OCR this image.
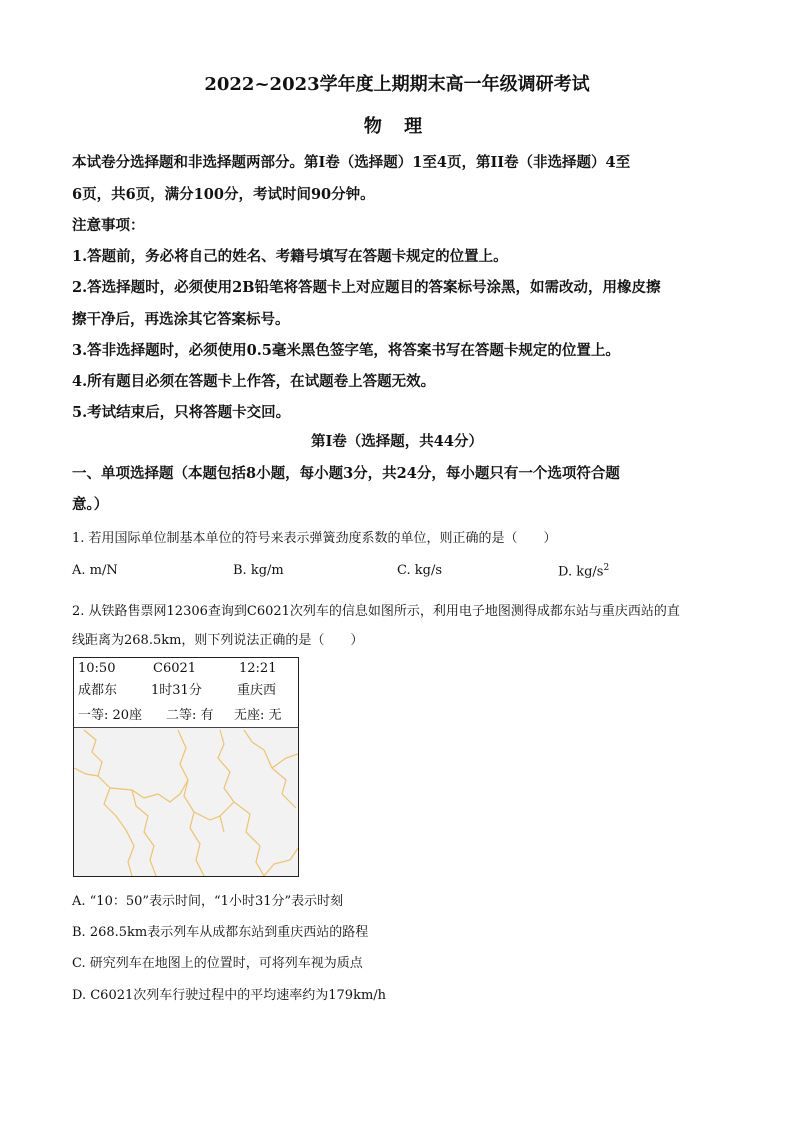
2022~2023学年度上期期末高一年级调研考试
物 理
本试卷分选择题和非选择题两部分。第I卷（选择题）1至4页，第II卷（非选择题）4至
6页，共6页，满分100分，考试时间90分钟。
注意事项：
1.答题前，务必将自己的姓名、考籍号填写在答题卡规定的位置上。
2.答选择题时，必须使用2B铅笔将答题卡上对应题目的答案标号涂黑，如需改动，用橡皮擦
擦干净后，再选涂其它答案标号。
3.答非选择题时，必须使用0.5毫米黑色签字笔，将答案书写在答题卡规定的位置上。
4.所有题目必须在答题卡上作答，在试题卷上答题无效。
5.考试结束后，只将答题卡交回。
第I卷（选择题，共44分）
一、单项选择题（本题包括8小题，每小题3分，共24分，每小题只有一个选项符合题
意。）
1. 若用国际单位制基本单位的符号来表示弹簧劲度系数的单位，则正确的是（　　）
A. m/N	B. kg/m	C. kg/s	D. $kg/s^2$
2. 从铁路售票网12306查询到C6021次列车的信息如图所示，利用电子地图测得成都东站与重庆西站的直
线距离为268.5km，则下列说法正确的是（　　）
10:50	C6021	12:21
成都东	1时31分	重庆西
一等: 20座 二等: 有 无座: 无
A. “10：50”表示时间，“1小时31分”表示时刻
B. 268.5km表示列车从成都东站到重庆西站的路程
C. 研究列车在地图上的位置时，可将列车视为质点
D. C6021次列车行驶过程中的平均速率约为179km/h
